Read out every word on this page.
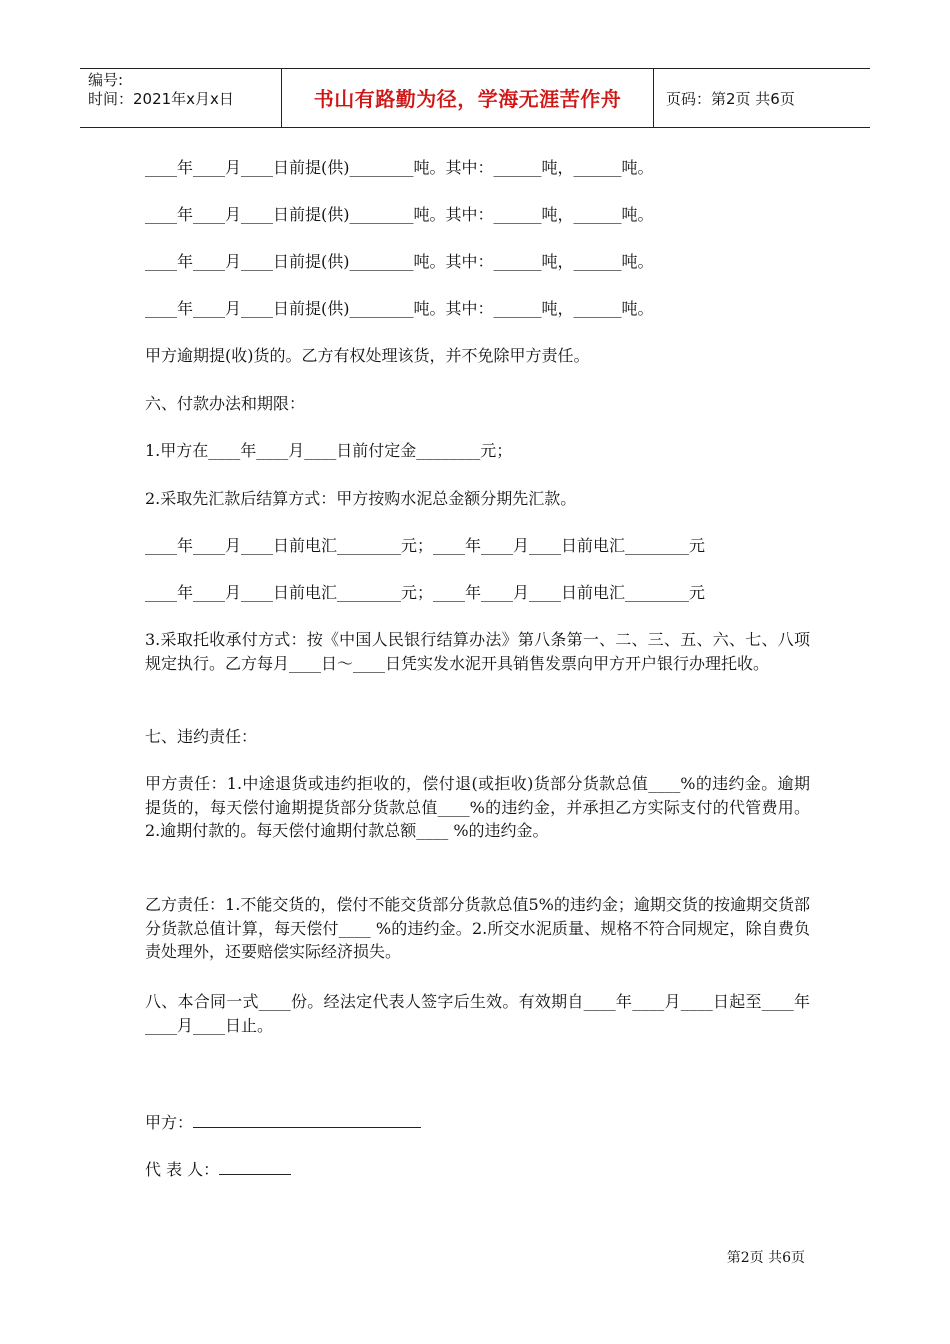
编号:
时间：2021年x月x日	书山有路勤为径，学海无涯苦作舟	页码：第2页 共6页
____年____月____日前提(供)________吨。其中：______吨，______吨。
____年____月____日前提(供)________吨。其中：______吨，______吨。
____年____月____日前提(供)________吨。其中：______吨，______吨。
____年____月____日前提(供)________吨。其中：______吨，______吨。
甲方逾期提(收)货的。乙方有权处理该货，并不免除甲方责任。
六、付款办法和期限：
1.甲方在____年____月____日前付定金________元；
2.采取先汇款后结算方式：甲方按购水泥总金额分期先汇款。
____年____月____日前电汇________元；____年____月____日前电汇________元
____年____月____日前电汇________元；____年____月____日前电汇________元
3.采取托收承付方式：按《中国人民银行结算办法》第八条第一、二、三、五、六、七、八项规定执行。乙方每月____日～____日凭实发水泥开具销售发票向甲方开户银行办理托收。
七、违约责任：
甲方责任：1.中途退货或违约拒收的，偿付退(或拒收)货部分货款总值____%的违约金。逾期提货的，每天偿付逾期提货部分货款总值____%的违约金，并承担乙方实际支付的代管费用。2.逾期付款的。每天偿付逾期付款总额____ %的违约金。
乙方责任：1.不能交货的，偿付不能交货部分货款总值5%的违约金；逾期交货的按逾期交货部分货款总值计算，每天偿付____ %的违约金。2.所交水泥质量、规格不符合同规定，除自费负责处理外，还要赔偿实际经济损失。
八、本合同一式____份。经法定代表人签字后生效。有效期自____年____月____日起至____年____月____日止。
甲方：
代 表 人：
第2页 共6页
